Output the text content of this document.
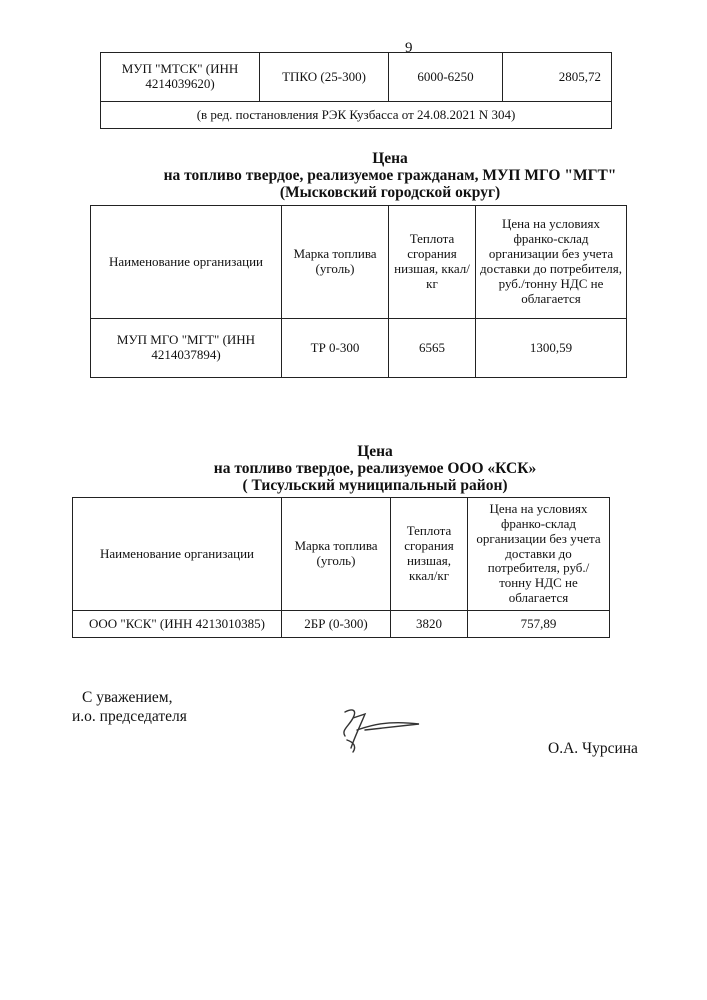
9
МУП "МТСК" (ИНН 4214039620)	ТПКО (25-300)	6000-6250	2805,72
(в ред. постановления РЭК Кузбасса от 24.08.2021 N 304)
Цена
на топливо твердое, реализуемое гражданам, МУП МГО "МГТ"
(Мысковский городской округ)
Наименование организации	Марка топлива (уголь)	Теплота сгорания низшая, ккал/кг	Цена на условиях франко-склад организации без учета доставки до потребителя, руб./тонну НДС не облагается
МУП МГО "МГТ" (ИНН 4214037894)	ТР 0-300	6565	1300,59
Цена
на топливо твердое, реализуемое ООО «КСК»
( Тисульский муниципальный район)
Наименование организации	Марка топлива (уголь)	Теплота сгорания низшая, ккал/кг	Цена на условиях франко-склад организации без учета доставки до потребителя, руб./тонну НДС не облагается
ООО "КСК" (ИНН 4213010385)	2БР (0-300)	3820	757,89
С уважением,
и.о. председателя
О.А. Чурсина
